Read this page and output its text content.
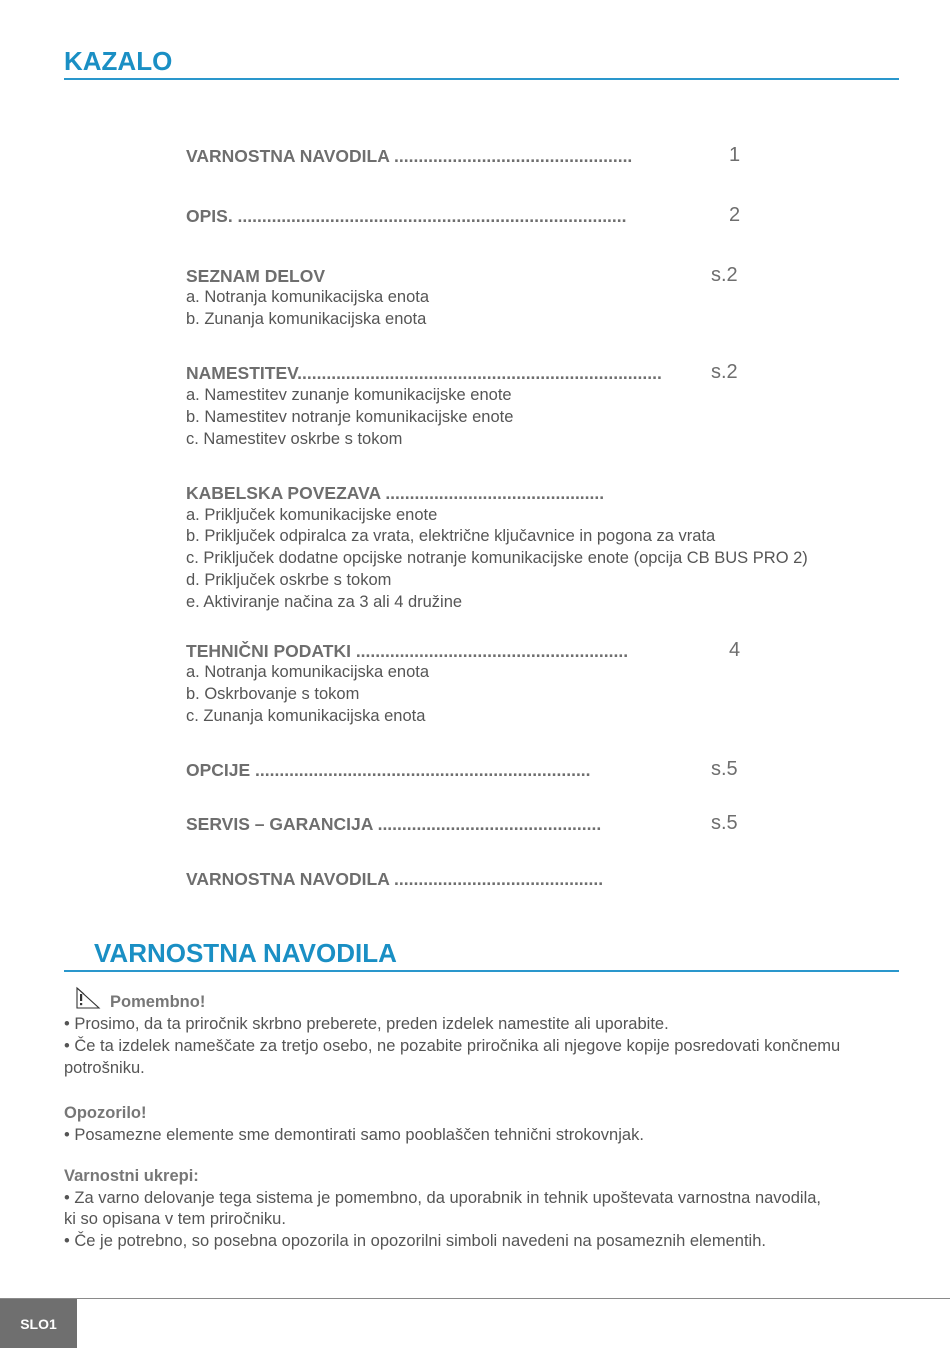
KAZALO
VARNOSTNA NAVODILA .................................................	1
OPIS. ................................................................................	2
SEZNAM DELOV	s.2
a. Notranja komunikacijska enota
b. Zunanja komunikacijska enota
NAMESTITEV...........................................................................	s.2
a. Namestitev zunanje komunikacijske enote
b. Namestitev notranje komunikacijske enote
c. Namestitev oskrbe s tokom
KABELSKA POVEZAVA .............................................
a. Priključek komunikacijske enote
b. Priključek odpiralca za vrata, električne ključavnice in pogona za vrata
c. Priključek dodatne opcijske notranje komunikacijske enote (opcija CB BUS PRO 2)
d. Priključek oskrbe s tokom
e. Aktiviranje načina za 3 ali 4 družine
TEHNIČNI PODATKI ........................................................	4
a. Notranja komunikacijska enota
b. Oskrbovanje s tokom
c. Zunanja komunikacijska enota
OPCIJE .....................................................................	s.5
SERVIS – GARANCIJA ..............................................	s.5
VARNOSTNA NAVODILA ...........................................
VARNOSTNA NAVODILA
Pomembno!
• Prosimo, da ta priročnik skrbno preberete, preden izdelek namestite ali uporabite.
• Če ta izdelek nameščate za tretjo osebo, ne pozabite priročnika ali njegove kopije posredovati končnemu
potrošniku.
Opozorilo!
• Posamezne elemente sme demontirati samo pooblaščen tehnični strokovnjak.
Varnostni ukrepi:
• Za varno delovanje tega sistema je pomembno, da uporabnik in tehnik upoštevata varnostna navodila,
ki so opisana v tem priročniku.
• Če je potrebno, so posebna opozorila in opozorilni simboli navedeni na posameznih elementih.
SLO1
